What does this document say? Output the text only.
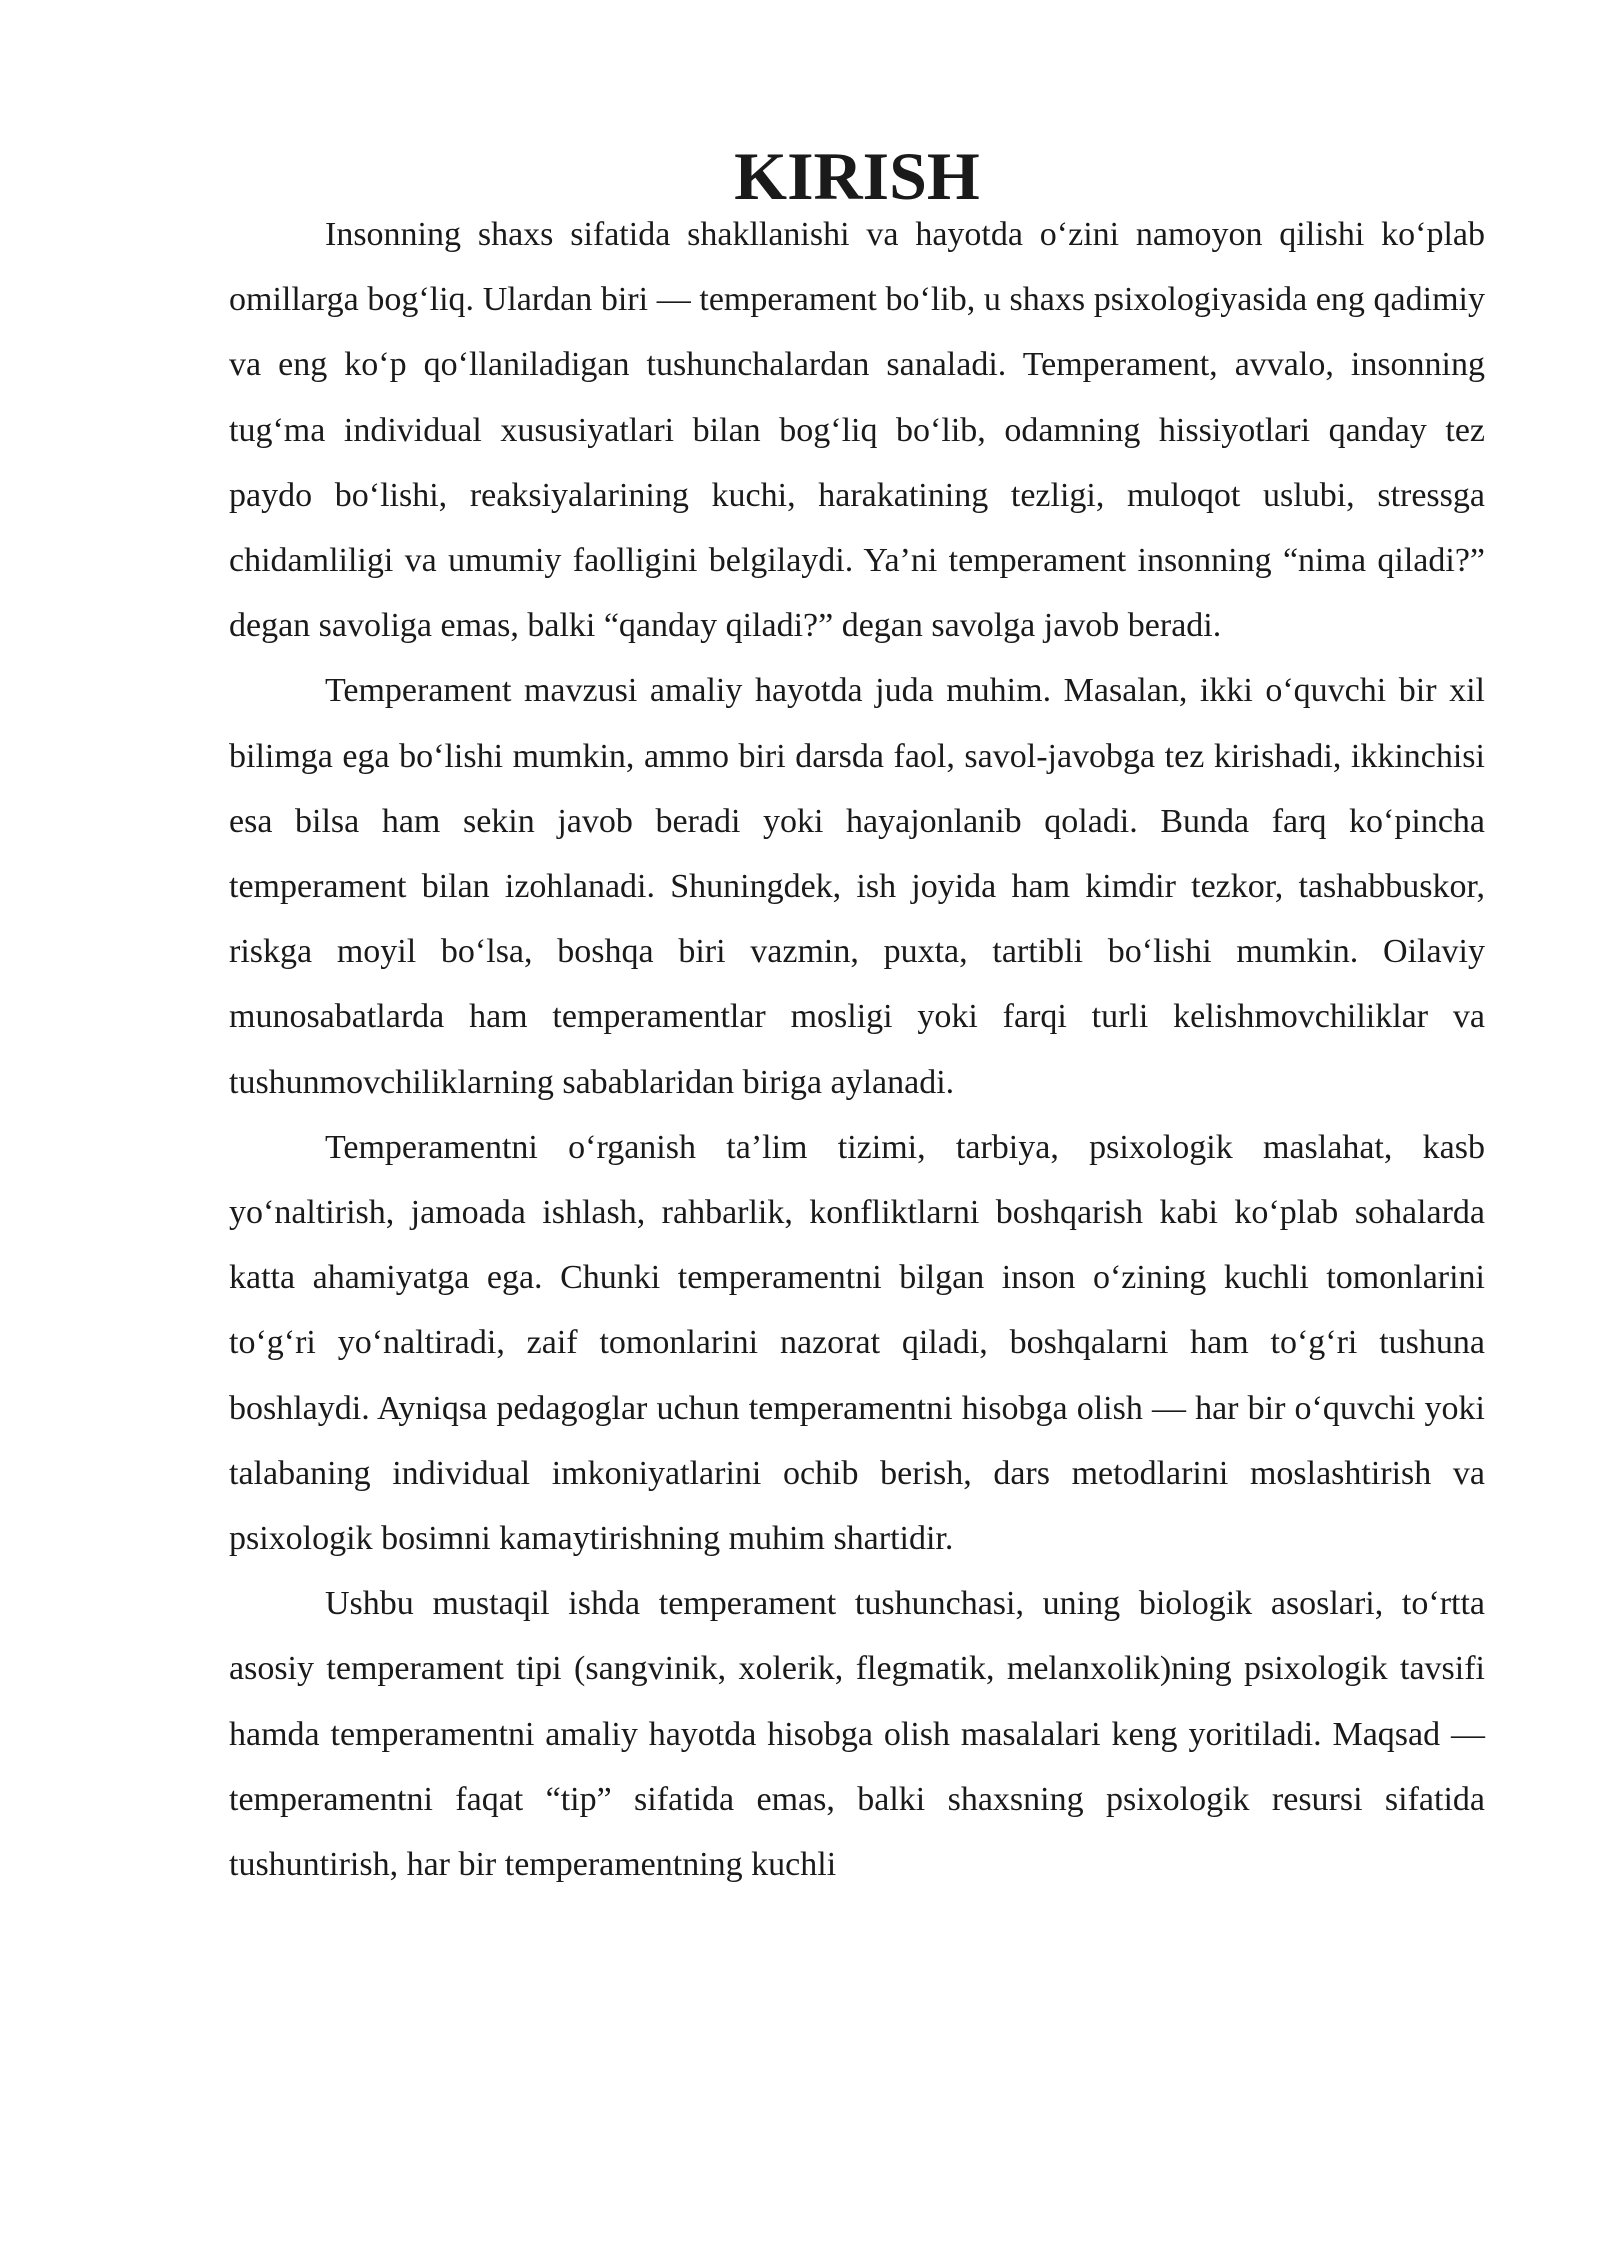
KIRISH

Insonning shaxs sifatida shakllanishi va hayotda o‘zini namoyon qilishi ko‘plab omillarga bog‘liq. Ulardan biri — temperament bo‘lib, u shaxs psixologiyasida eng qadimiy va eng ko‘p qo‘llaniladigan tushunchalardan sanaladi. Temperament, avvalo, insonning tug‘ma individual xususiyatlari bilan bog‘liq bo‘lib, odamning hissiyotlari qanday tez paydo bo‘lishi, reaksiyalarining kuchi, harakatining tezligi, muloqot uslubi, stressga chidamliligi va umumiy faolligini belgilaydi. Ya’ni temperament insonning “nima qiladi?” degan savoliga emas, balki “qanday qiladi?” degan savolga javob beradi.

Temperament mavzusi amaliy hayotda juda muhim. Masalan, ikki o‘quvchi bir xil bilimga ega bo‘lishi mumkin, ammo biri darsda faol, savol-javobga tez kirishadi, ikkinchisi esa bilsa ham sekin javob beradi yoki hayajonlanib qoladi. Bunda farq ko‘pincha temperament bilan izohlanadi. Shuningdek, ish joyida ham kimdir tezkor, tashabbuskor, riskga moyil bo‘lsa, boshqa biri vazmin, puxta, tartibli bo‘lishi mumkin. Oilaviy munosabatlarda ham temperamentlar mosligi yoki farqi turli kelishmovchiliklar va tushunmovchiliklarning sabablaridan biriga aylanadi.

Temperamentni o‘rganish ta’lim tizimi, tarbiya, psixologik maslahat, kasb yo‘naltirish, jamoada ishlash, rahbarlik, konfliktlarni boshqarish kabi ko‘plab sohalarda katta ahamiyatga ega. Chunki temperamentni bilgan inson o‘zining kuchli tomonlarini to‘g‘ri yo‘naltiradi, zaif tomonlarini nazorat qiladi, boshqalarni ham to‘g‘ri tushuna boshlaydi. Ayniqsa pedagoglar uchun temperamentni hisobga olish — har bir o‘quvchi yoki talabaning individual imkoniyatlarini ochib berish, dars metodlarini moslashtirish va psixologik bosimni kamaytirishning muhim shartidir.

Ushbu mustaqil ishda temperament tushunchasi, uning biologik asoslari, to‘rtta asosiy temperament tipi (sangvinik, xolerik, flegmatik, melanxolik)ning psixologik tavsifi hamda temperamentni amaliy hayotda hisobga olish masalalari keng yoritiladi. Maqsad — temperamentni faqat “tip” sifatida emas, balki shaxsning psixologik resursi sifatida tushuntirish, har bir temperamentning kuchli
